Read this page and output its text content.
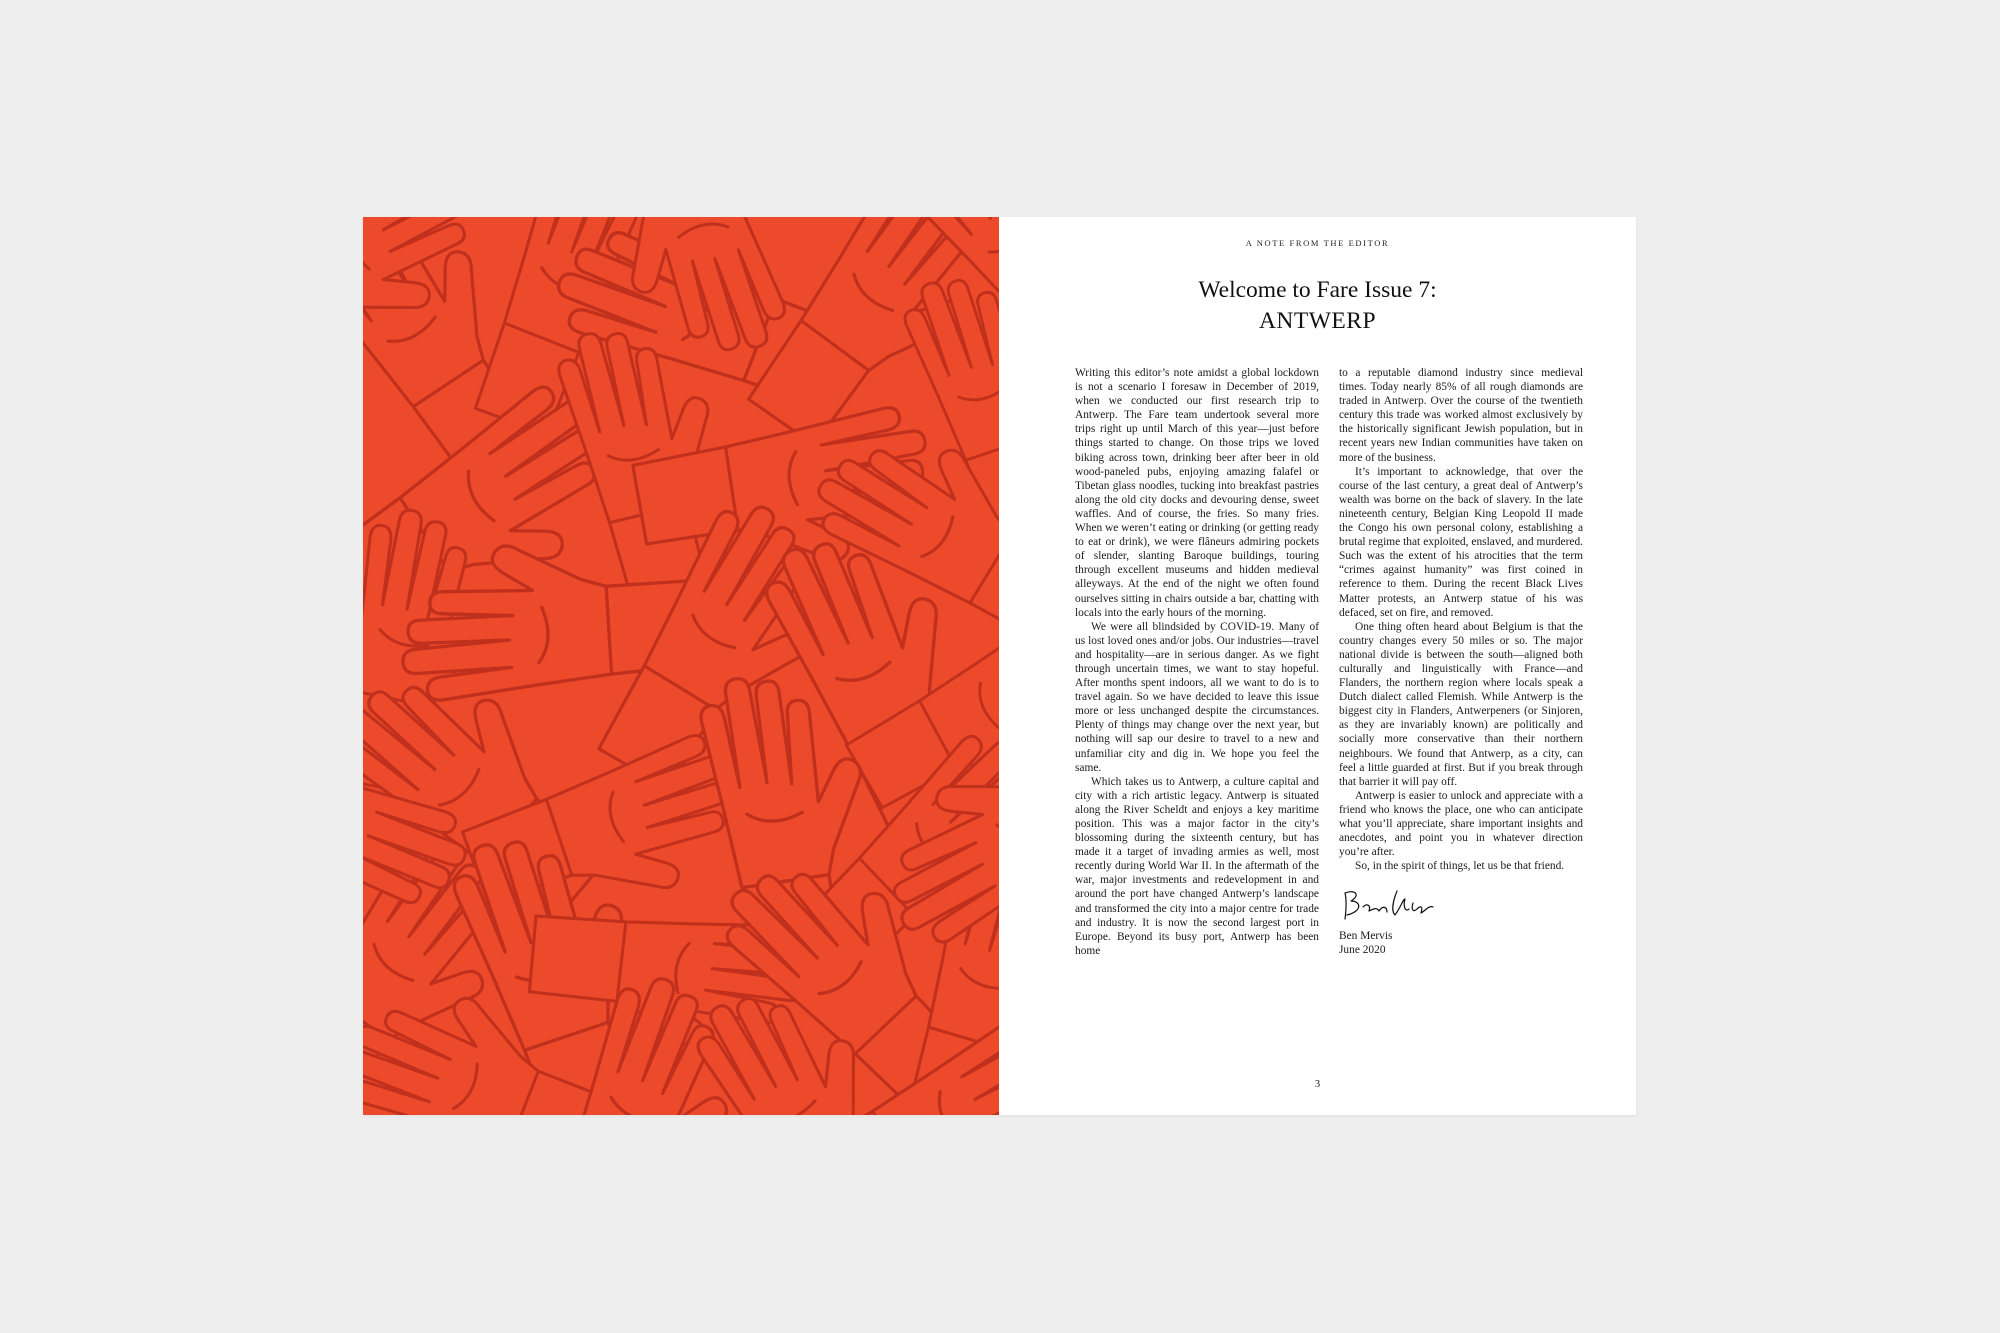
A NOTE FROM THE EDITOR
Welcome to Fare Issue 7:
ANTWERP

Writing this editor’s note amidst a global lockdown is not a scenario I foresaw in December of 2019, when we conducted our first research trip to Antwerp. The Fare team undertook several more trips right up until March of this year—just before things started to change. On those trips we loved biking across town, drinking beer after beer in old wood-paneled pubs, enjoying amazing falafel or Tibetan glass noodles, tucking into breakfast pastries along the old city docks and devouring dense, sweet waffles. And of course, the fries. So many fries. When we weren’t eating or drinking (or getting ready to eat or drink), we were flâneurs admiring pockets of slender, slanting Baroque buildings, touring through excellent museums and hidden medieval alleyways. At the end of the night we often found ourselves sitting in chairs outside a bar, chatting with locals into the early hours of the morning.

We were all blindsided by COVID-19. Many of us lost loved ones and/or jobs. Our industries—travel and hospitality—are in serious danger. As we fight through uncertain times, we want to stay hopeful. After months spent indoors, all we want to do is to travel again. So we have decided to leave this issue more or less unchanged despite the circumstances. Plenty of things may change over the next year, but nothing will sap our desire to travel to a new and unfamiliar city and dig in. We hope you feel the same.

Which takes us to Antwerp, a culture capital and city with a rich artistic legacy. Antwerp is situated along the River Scheldt and enjoys a key maritime position. This was a major factor in the city’s blossoming during the sixteenth century, but has made it a target of invading armies as well, most recently during World War II. In the aftermath of the war, major investments and redevelopment in and around the port have changed Antwerp’s landscape and transformed the city into a major centre for trade and industry. It is now the second largest port in Europe. Beyond its busy port, Antwerp has been home

to a reputable diamond industry since medieval times. Today nearly 85% of all rough diamonds are traded in Antwerp. Over the course of the twentieth century this trade was worked almost exclusively by the historically significant Jewish population, but in recent years new Indian communities have taken on more of the business.

It’s important to acknowledge, that over the course of the last century, a great deal of Antwerp’s wealth was borne on the back of slavery. In the late nineteenth century, Belgian King Leopold II made the Congo his own personal colony, establishing a brutal regime that exploited, enslaved, and murdered. Such was the extent of his atrocities that the term “crimes against humanity” was first coined in reference to them. During the recent Black Lives Matter protests, an Antwerp statue of his was defaced, set on fire, and removed.

One thing often heard about Belgium is that the country changes every 50 miles or so. The major national divide is between the south—aligned both culturally and linguistically with France—and Flanders, the northern region where locals speak a Dutch dialect called Flemish. While Antwerp is the biggest city in Flanders, Antwerpeners (or Sinjoren, as they are invariably known) are politically and socially more conservative than their northern neighbours. We found that Antwerp, as a city, can feel a little guarded at first. But if you break through that barrier it will pay off.

Antwerp is easier to unlock and appreciate with a friend who knows the place, one who can anticipate what you’ll appreciate, share important insights and anecdotes, and point you in whatever direction you’re after.

So, in the spirit of things, let us be that friend.

Ben Mervis
June 2020
3
